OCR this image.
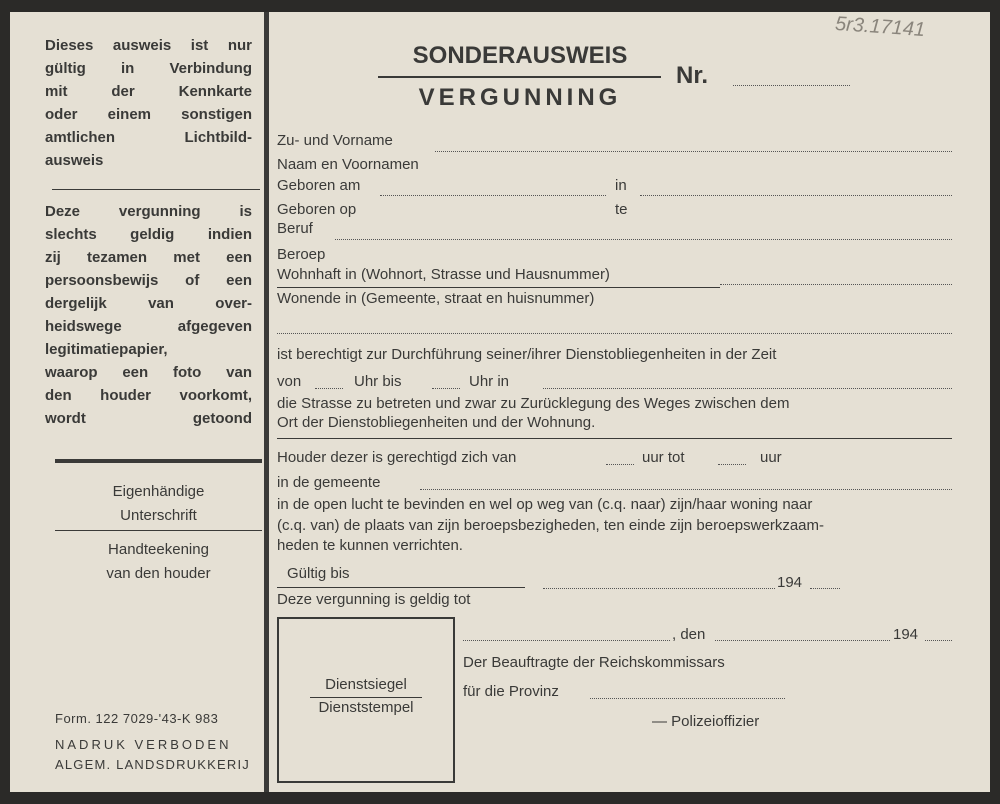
5r3.17141
Dieses ausweis ist nur
gültig in Verbindung
mit der Kennkarte
oder einem sonstigen
amtlichen Lichtbild-
ausweis
Deze vergunning is
slechts geldig indien
zij tezamen met een
persoonsbewijs of een
dergelijk van over-
heidswege afgegeven
legitimatiepapier,
waarop een foto van
den houder voorkomt,
wordt getoond
Eigenhändige
Unterschrift
Handteekening
van den houder
Form. 122 7029-'43-K 983
NADRUK VERBODEN
ALGEM. LANDSDRUKKERIJ
SONDERAUSWEIS
VERGUNNING
Nr.
Zu- und Vorname
Naam en Voornamen
Geboren am	in
Geboren op	te
Beruf
Beroep
Wohnhaft in (Wohnort, Strasse und Hausnummer)
Wonende in (Gemeente, straat en huisnummer)
ist berechtigt zur Durchführung seiner/ihrer Dienstobliegenheiten in der Zeit
von	Uhr bis	Uhr in
die Strasse zu betreten und zwar zu Zurücklegung des Weges zwischen dem
Ort der Dienstobliegenheiten und der Wohnung.
Houder dezer is gerechtigd zich van	uur tot	uur
in de gemeente
in de open lucht te bevinden en wel op weg van (c.q. naar) zijn/haar woning naar
(c.q. van) de plaats van zijn beroepsbezigheden, ten einde zijn beroepswerkzaam-
heden te kunnen verrichten.
Gültig bis
194
Deze vergunning is geldig tot
Dienstsiegel
Dienststempel
, den	194
Der Beauftragte der Reichskommissars
für die Provinz
— Polizeioffizier
